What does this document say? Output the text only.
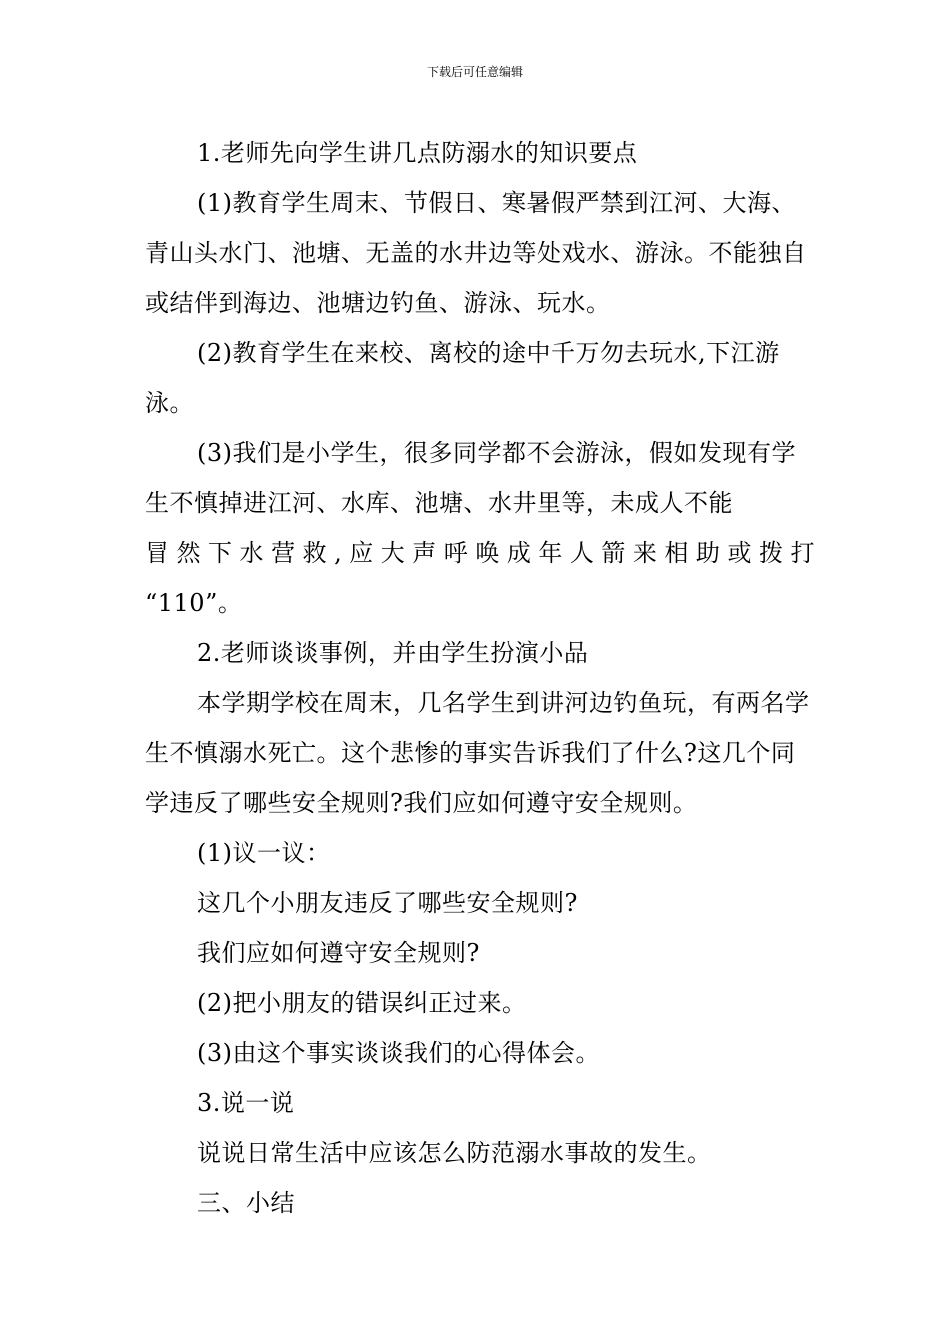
下载后可任意编辑

1.老师先向学生讲几点防溺水的知识要点

(1)教育学生周末、节假日、寒暑假严禁到江河、大海、青山头水门、池塘、无盖的水井边等处戏水、游泳。不能独自或结伴到海边、池塘边钓鱼、游泳、玩水。

(2)教育学生在来校、离校的途中千万勿去玩水,下江游泳。

(3)我们是小学生，很多同学都不会游泳，假如发现有学生不慎掉进江河、水库、池塘、水井里等，未成人不能

冒然下水营救,应大声呼唤成年人箭来相助或拨打

“110”。

2.老师谈谈事例，并由学生扮演小品

本学期学校在周末，几名学生到讲河边钓鱼玩，有两名学生不慎溺水死亡。这个悲惨的事实告诉我们了什么?这几个同学违反了哪些安全规则?我们应如何遵守安全规则。

(1)议一议：

这几个小朋友违反了哪些安全规则?

我们应如何遵守安全规则?

(2)把小朋友的错误纠正过来。

(3)由这个事实谈谈我们的心得体会。

3.说一说

说说日常生活中应该怎么防范溺水事故的发生。

三、小结
